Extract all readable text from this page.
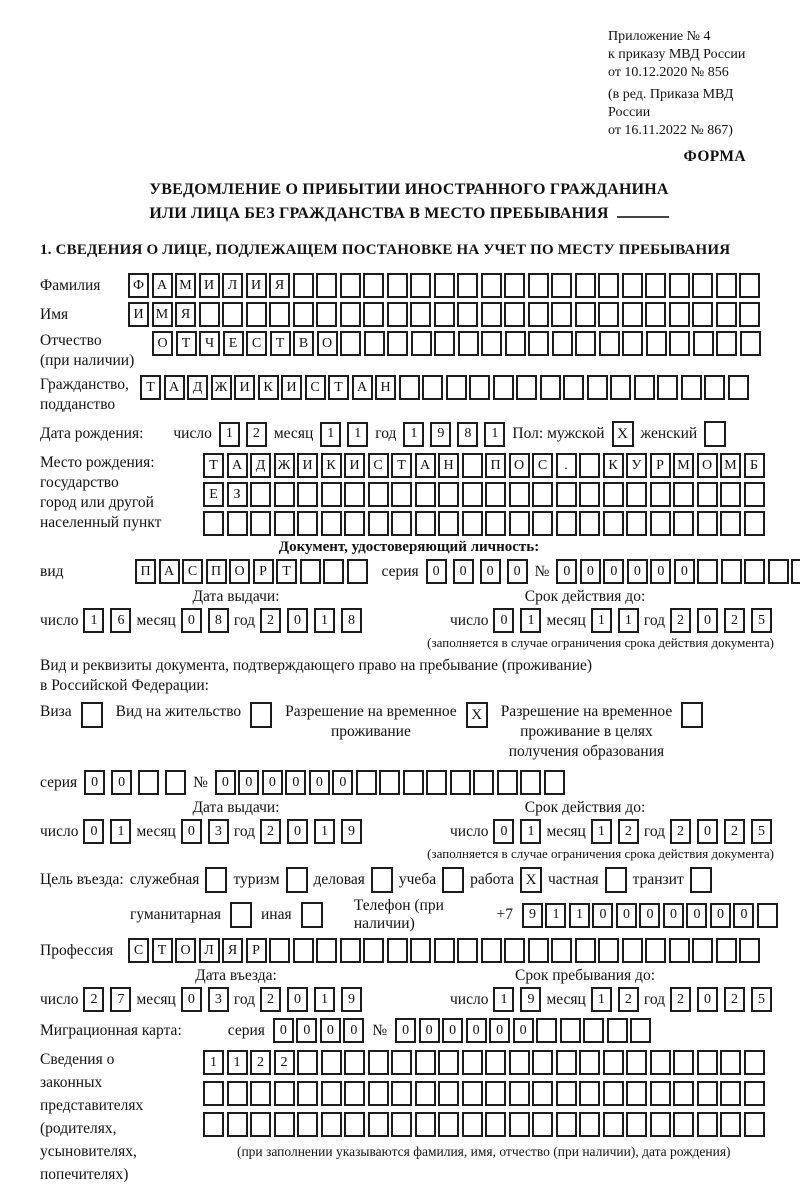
Приложение № 4
к приказу МВД России
от 10.12.2020 № 856
(в ред. Приказа МВД России
от 16.11.2022 № 867)
ФОРМА
УВЕДОМЛЕНИЕ О ПРИБЫТИИ ИНОСТРАННОГО ГРАЖДАНИНА
ИЛИ ЛИЦА БЕЗ ГРАЖДАНСТВА В МЕСТО ПРЕБЫВАНИЯ
1. СВЕДЕНИЯ О ЛИЦЕ, ПОДЛЕЖАЩЕМ ПОСТАНОВКЕ НА УЧЕТ ПО МЕСТУ ПРЕБЫВАНИЯ
Фамилия	Ф А М И Л И Я
Имя	И М Я
Отчество
(при наличии)
О	Т	Ч	Е	С	Т	В О
Гражданство,
подданство
Т	А Д Ж И К И С	Т	А Н
Дата рождения: число	1	2 месяц	1	1 год	1	9	8	1 Пол: мужской X женский
Место рождения:
государство
город или другой
населенный пункт
Т	А Д Ж И К И С	Т	А Н	П О С	.	К У	Р М О М Б
Е	З
Документ, удостоверяющий личность:
вид	П А С П О	Р	Т	серия	0	0	0	0 №	0	0	0	0	0	0
Дата выдачи:
число 1	6 месяц 0	8 год 2	0	1	8
Срок действия до:
число 0	1 месяц 1	1 год 2	0	2	5
(заполняется в случае ограничения срока действия документа)
Вид и реквизиты документа, подтверждающего право на пребывание (проживание)
в Российской Федерации:
Виза	Вид на жительство	Разрешение на временное
проживание
X	Разрешение на временное
проживание в целях
получения образования
серия	0	0	№	0	0	0	0	0	0
Дата выдачи:
число 0	1 месяц 0	3 год 2	0	1	9
Срок действия до:
число 0	1 месяц 1	2 год 2	0	2	5
(заполняется в случае ограничения срока действия документа)
Цель въезда: служебная туризм деловая учеба работа X частная транзит
гуманитарная	иная
Телефон (при наличии)
+7	9	1	1	0	0	0	0	0	0	0
Профессия	С	Т	О Л	Я	Р
Дата въезда:
число 2	7 месяц 0	3 год 2	0	1	9
Срок пребывания до:
число 1	9 месяц 1	2 год 2	0	2	5
Миграционная карта:	серия	0	0	0	0 №	0	0	0	0	0	0
Сведения о
законных
представителях
(родителях,
усыновителях,
попечителях)
1	1	2	2
(при заполнении указываются фамилия, имя, отчество (при наличии), дата рождения)
